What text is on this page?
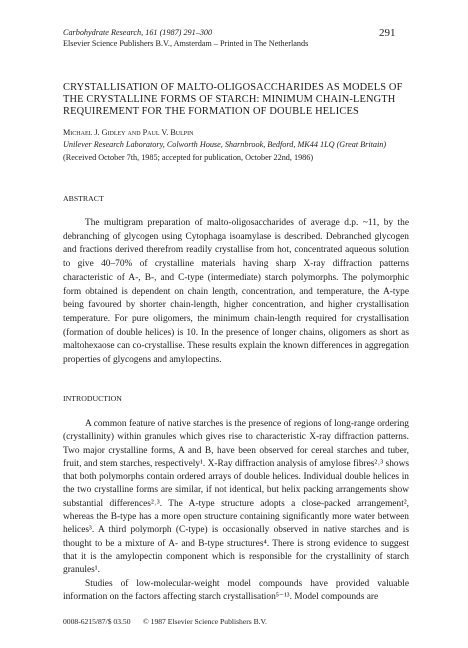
Carbohydrate Research, 161 (1987) 291–300
Elsevier Science Publishers B.V., Amsterdam – Printed in The Netherlands
291
CRYSTALLISATION OF MALTO-OLIGOSACCHARIDES AS MODELS OF THE CRYSTALLINE FORMS OF STARCH: MINIMUM CHAIN-LENGTH REQUIREMENT FOR THE FORMATION OF DOUBLE HELICES
Michael J. Gidley and Paul V. Bulpin
Unilever Research Laboratory, Colworth House, Sharnbrook, Bedford, MK44 1LQ (Great Britain)
(Received October 7th, 1985; accepted for publication, October 22nd, 1986)
ABSTRACT

The multigram preparation of malto-oligosaccharides of average d.p. ~11, by the debranching of glycogen using Cytophaga isoamylase is described. Debranched glycogen and fractions derived therefrom readily crystallise from hot, concentrated aqueous solution to give 40–70% of crystalline materials having sharp X-ray diffraction patterns characteristic of A-, B-, and C-type (intermediate) starch polymorphs. The polymorphic form obtained is dependent on chain length, concentration, and temperature, the A-type being favoured by shorter chain-length, higher concentration, and higher crystallisation temperature. For pure oligomers, the minimum chain-length required for crystallisation (formation of double helices) is 10. In the presence of longer chains, oligomers as short as maltohexaose can co-crystallise. These results explain the known differences in aggregation properties of glycogens and amylopectins.

INTRODUCTION

A common feature of native starches is the presence of regions of long-range ordering (crystallinity) within granules which gives rise to characteristic X-ray diffraction patterns. Two major crystalline forms, A and B, have been observed for cereal starches and tuber, fruit, and stem starches, respectively¹. X-Ray diffraction analysis of amylose fibres²˒³ shows that both polymorphs contain ordered arrays of double helices. Individual double helices in the two crystalline forms are similar, if not identical, but helix packing arrangements show substantial differences²˒³. The A-type structure adopts a close-packed arrangement², whereas the B-type has a more open structure containing significantly more water between helices³. A third polymorph (C-type) is occasionally observed in native starches and is thought to be a mixture of A- and B-type structures⁴. There is strong evidence to suggest that it is the amylopectin component which is responsible for the crystallinity of starch granules¹.

Studies of low-molecular-weight model compounds have provided valuable information on the factors affecting starch crystallisation⁵⁻¹³. Model compounds are

0008-6215/87/$ 03.50 © 1987 Elsevier Science Publishers B.V.
